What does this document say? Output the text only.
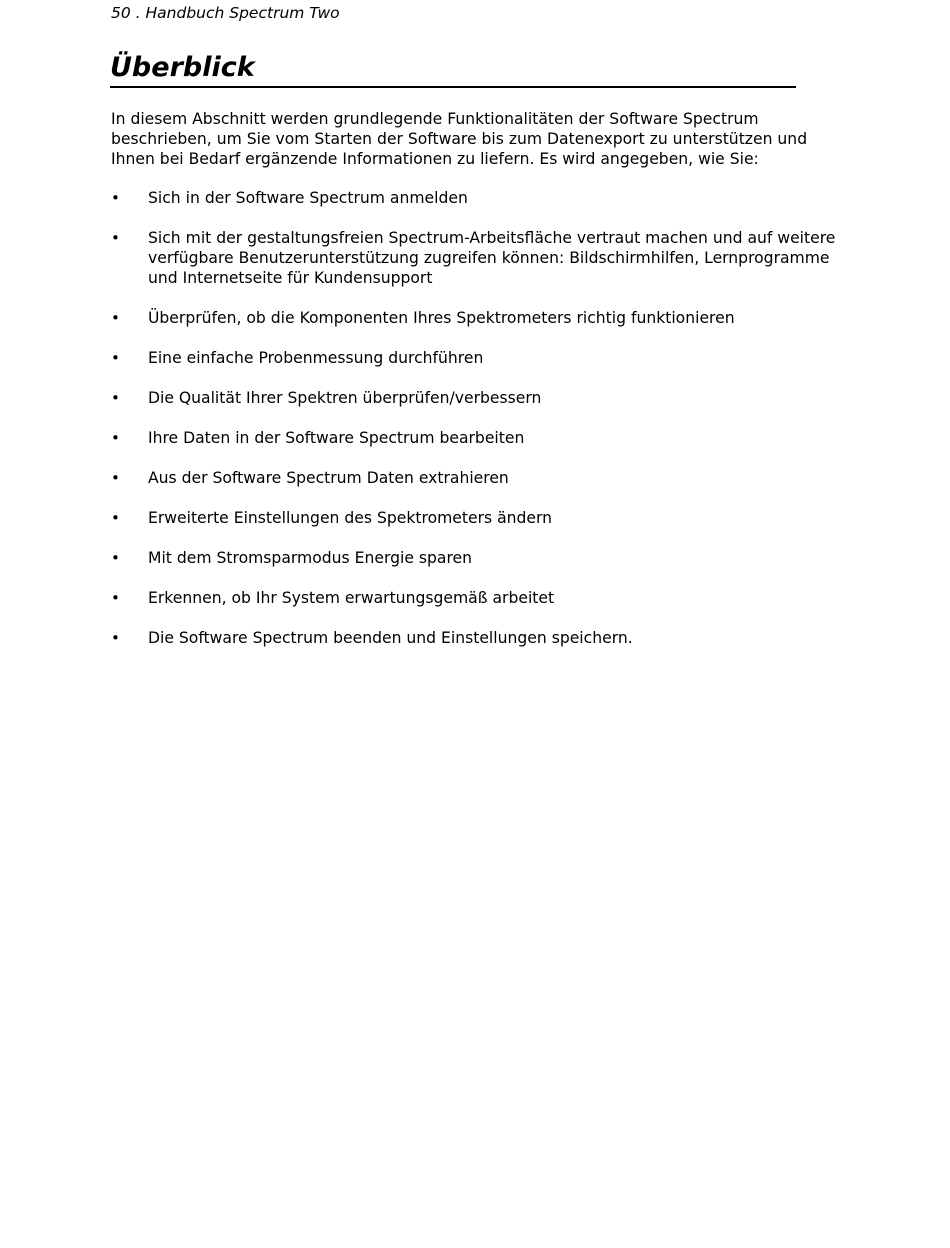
50 . Handbuch Spectrum Two
Überblick

In diesem Abschnitt werden grundlegende Funktionalitäten der Software Spectrum
beschrieben, um Sie vom Starten der Software bis zum Datenexport zu unterstützen und
Ihnen bei Bedarf ergänzende Informationen zu liefern. Es wird angegeben, wie Sie:

• Sich in der Software Spectrum anmelden
• Sich mit der gestaltungsfreien Spectrum-Arbeitsfläche vertraut machen und auf weitere
verfügbare Benutzerunterstützung zugreifen können: Bildschirmhilfen, Lernprogramme
und Internetseite für Kundensupport
• Überprüfen, ob die Komponenten Ihres Spektrometers richtig funktionieren
• Eine einfache Probenmessung durchführen
• Die Qualität Ihrer Spektren überprüfen/verbessern
• Ihre Daten in der Software Spectrum bearbeiten
• Aus der Software Spectrum Daten extrahieren
• Erweiterte Einstellungen des Spektrometers ändern
• Mit dem Stromsparmodus Energie sparen
• Erkennen, ob Ihr System erwartungsgemäß arbeitet
• Die Software Spectrum beenden und Einstellungen speichern.
